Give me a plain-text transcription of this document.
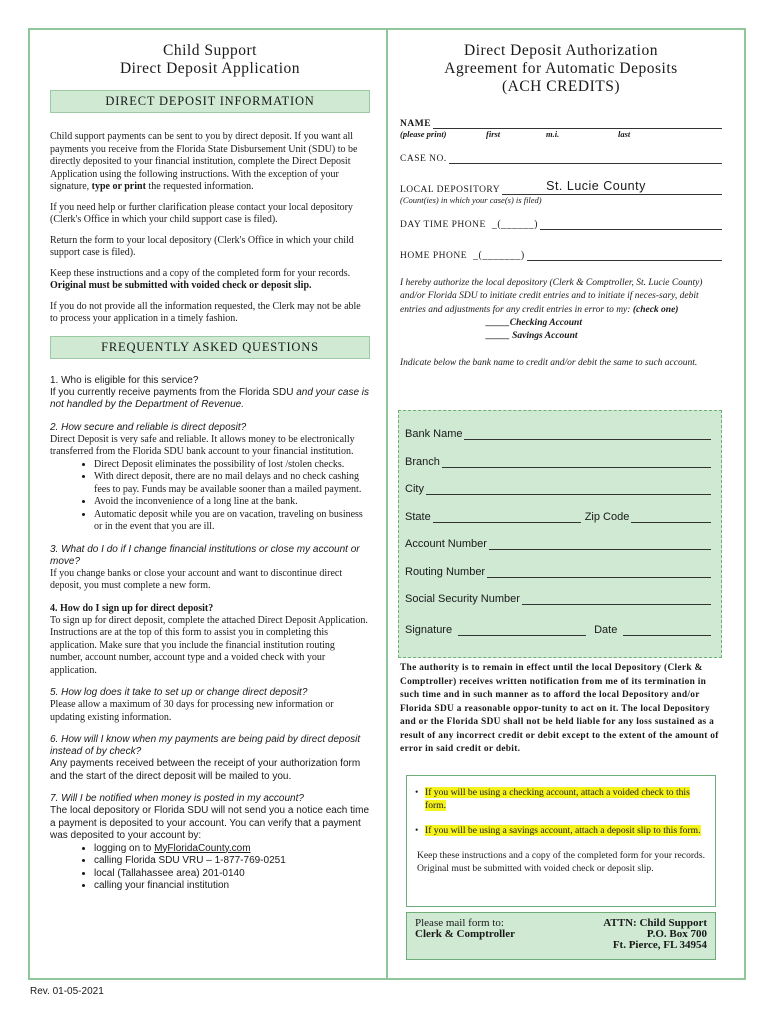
Child Support
Direct Deposit Application
DIRECT DEPOSIT INFORMATION

Child support payments can be sent to you by direct deposit. If you want all payments you receive from the Florida State Disbursement Unit (SDU) to be directly deposited to your financial institution, complete the Direct Deposit Application using the following instructions. With the exception of your signature, type or print the requested information.

If you need help or further clarification please contact your local depository (Clerk's Office in which your child support case is filed).

Return the form to your local depository (Clerk's Office in which your child support case is filed).

Keep these instructions and a copy of the completed form for your records. Original must be submitted with voided check or deposit slip.

If you do not provide all the information requested, the Clerk may not be able to process your application in a timely fashion.

FREQUENTLY ASKED QUESTIONS

1. Who is eligible for this service?

If you currently receive payments from the Florida SDU and your case is not handled by the Department of Revenue.

2. How secure and reliable is direct deposit?

Direct Deposit is very safe and reliable. It allows money to be electronically transferred from the Florida SDU bank account to your financial institution.

• Direct Deposit eliminates the possibility of lost /stolen checks.
• With direct deposit, there are no mail delays and no check cashing fees to pay. Funds may be available sooner than a mailed payment.
• Avoid the inconvenience of a long line at the bank.
• Automatic deposit while you are on vacation, traveling on business or in the event that you are ill.

3. What do I do if I change financial institutions or close my account or move?

If you change banks or close your account and want to discontinue direct deposit, you must complete a new form.

4. How do I sign up for direct deposit?

To sign up for direct deposit, complete the attached Direct Deposit Application. Instructions are at the top of this form to assist you in completing this application. Make sure that you include the financial institution routing number, account number, account type and a voided check with your application.

5. How log does it take to set up or change direct deposit?

Please allow a maximum of 30 days for processing new information or updating existing information.

6. How will I know when my payments are being paid by direct deposit instead of by check?

Any payments received between the receipt of your authorization form and the start of the direct deposit will be mailed to you.

7. Will I be notified when money is posted in my account?

The local depository or Florida SDU will not send you a notice each time a payment is deposited to your account. You can verify that a payment was deposited to your account by:

• logging on to MyFloridaCounty.com
• calling Florida SDU VRU – 1-877-769-0251
• local (Tallahassee area) 201-0140
• calling your financial institution
Rev. 01-05-2021
Direct Deposit Authorization
Agreement for Automatic Deposits
(ACH CREDITS)
NAME
(please print)	first	m.i.	last
CASE NO.
LOCAL DEPOSITORY	St. Lucie County
(Count(ies) in which your case(s) is filed)
DAY TIME PHONE _(______)
HOME PHONE _(_______)

I hereby authorize the local depository (Clerk & Comptroller, St. Lucie County) and/or Florida SDU to initiate credit entries and to initiate if neces-sary, debit entries and adjustments for any credit entries in error to my: (check one)

_____Checking Account
_____ Savings Account

Indicate below the bank name to credit and/or debit the same to such account.

Bank Name
Branch
City
State	Zip Code
Account Number
Routing Number
Social Security Number
Signature	Date
The authority is to remain in effect until the local Depository (Clerk & Comptroller) receives written notification from me of its termination in such time and in such manner as to afford the local Depository and/or Florida SDU a reasonable oppor-tunity to act on it. The local Depository and or the Florida SDU shall not be held liable for any loss sustained as a result of any incorrect credit or debit except to the extent of the amount of error in said credit or debit.
• If you will be using a checking account, attach a voided check to this form.
• If you will be using a savings account, attach a deposit slip to this form.
Keep these instructions and a copy of the completed form for your records. Original must be submitted with voided check or deposit slip.
Please mail form to:	ATTN: Child Support
Clerk & Comptroller	P.O. Box 700
Ft. Pierce, FL 34954
